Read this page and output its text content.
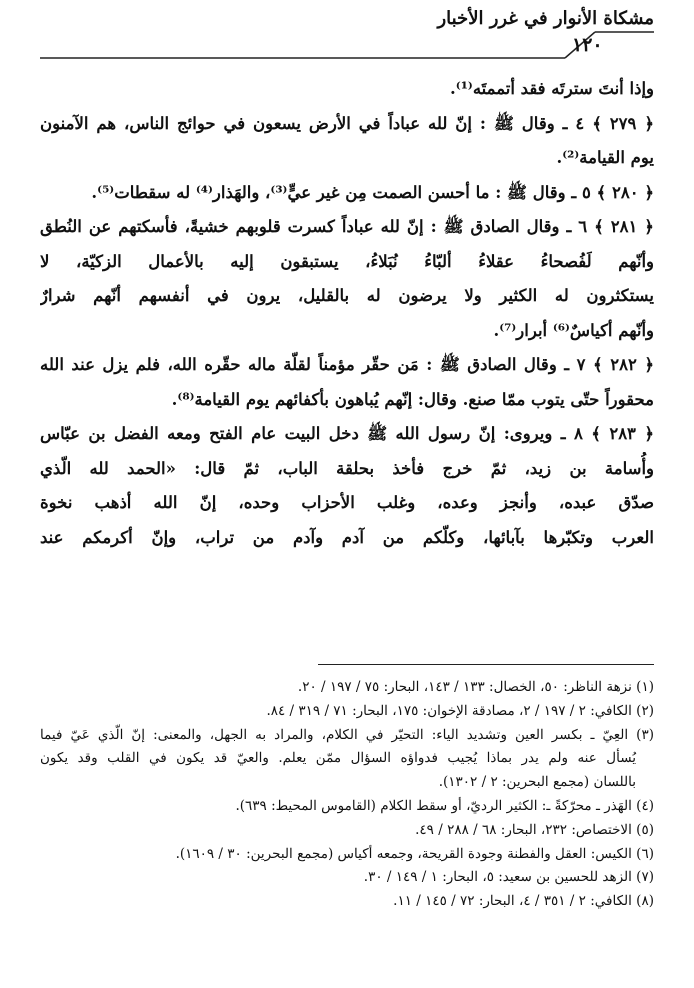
مشكاة الأنوار في غرر الأخبار
١٢٠
وإذا أنتَ سترتَه فقد أتممتَه⁽¹⁾.
﴿ ٢٧٩ ﴾ ٤ ـ وقال ﷺ : إنّ لله عباداً في الأرض يسعون في حوائج الناس، هم الآمنون
يوم القيامة⁽²⁾.
﴿ ٢٨٠ ﴾ ٥ ـ وقال ﷺ : ما أحسن الصمت مِن غير عيٍّ⁽³⁾، والهَذار⁽⁴⁾ له سقطات⁽⁵⁾.
﴿ ٢٨١ ﴾ ٦ ـ وقال الصادق ﷺ : إنّ لله عباداً كسرت قلوبهم خشيةً، فأسكتهم عن النُطق
وأنّهم لَفُصحاءُ عقلاءُ ألبّاءُ نُبَلاءُ، يستبقون إليه بالأعمال الزكيّة، لا
يستكثرون له الكثير ولا يرضون له بالقليل، يرون في أنفسهم أنّهم شرارٌ
وأنّهم أكياسٌ⁽⁶⁾ أبرار⁽⁷⁾.
﴿ ٢٨٢ ﴾ ٧ ـ وقال الصادق ﷺ : مَن حقّر مؤمناً لقلّة ماله حقّره الله، فلم يزل عند الله
محقوراً حتّى يتوب ممّا صنع. وقال: إنّهم يُباهون بأكفائهم يوم القيامة⁽⁸⁾.
﴿ ٢٨٣ ﴾ ٨ ـ ويروى: إنّ رسول الله ﷺ دخل البيت عام الفتح ومعه الفضل بن عبّاس
وأُسامة بن زيد، ثمّ خرج فأخذ بحلقة الباب، ثمّ قال: «الحمد لله الّذي
صدّق عبده، وأنجز وعده، وغلب الأحزاب وحده، إنّ الله أذهب نخوة
العرب وتكبّرها بآبائها، وكلّكم من آدم وآدم من تراب، وإنّ أكرمكم عند
(١) نزهة الناظر: ٥٠، الخصال: ١٣٣ / ١٤٣، البحار: ٧٥ / ١٩٧ / ٢٠.
(٢) الكافي: ٢ / ١٩٧ / ٢، مصادقة الإخوان: ١٧٥، البحار: ٧١ / ٣١٩ / ٨٤.
(٣) العِيّ ـ بكسر العين وتشديد الياء: التحيّر في الكلام، والمراد به الجهل، والمعنى: إنّ الّذي عَيّ فيما
يُسأل عنه ولم يدر بماذا يُجيب فدواؤه السؤال ممّن يعلم. والعيّ قد يكون في القلب وقد يكون
باللسان (مجمع البحرين: ٢ / ١٣٠٢).
(٤) الهَذر ـ محرّكةً ـ: الكثير الرديّ، أو سقط الكلام (القاموس المحيط: ٦٣٩).
(٥) الاختصاص: ٢٣٢، البحار: ٦٨ / ٢٨٨ / ٤٩.
(٦) الكيس: العقل والفطنة وجودة القريحة، وجمعه أكياس (مجمع البحرين: ٣٠ / ١٦٠٩).
(٧) الزهد للحسين بن سعيد: ٥، البحار: ١ / ١٤٩ / ٣٠.
(٨) الكافي: ٢ / ٣٥١ / ٤، البحار: ٧٢ / ١٤٥ / ١١.
